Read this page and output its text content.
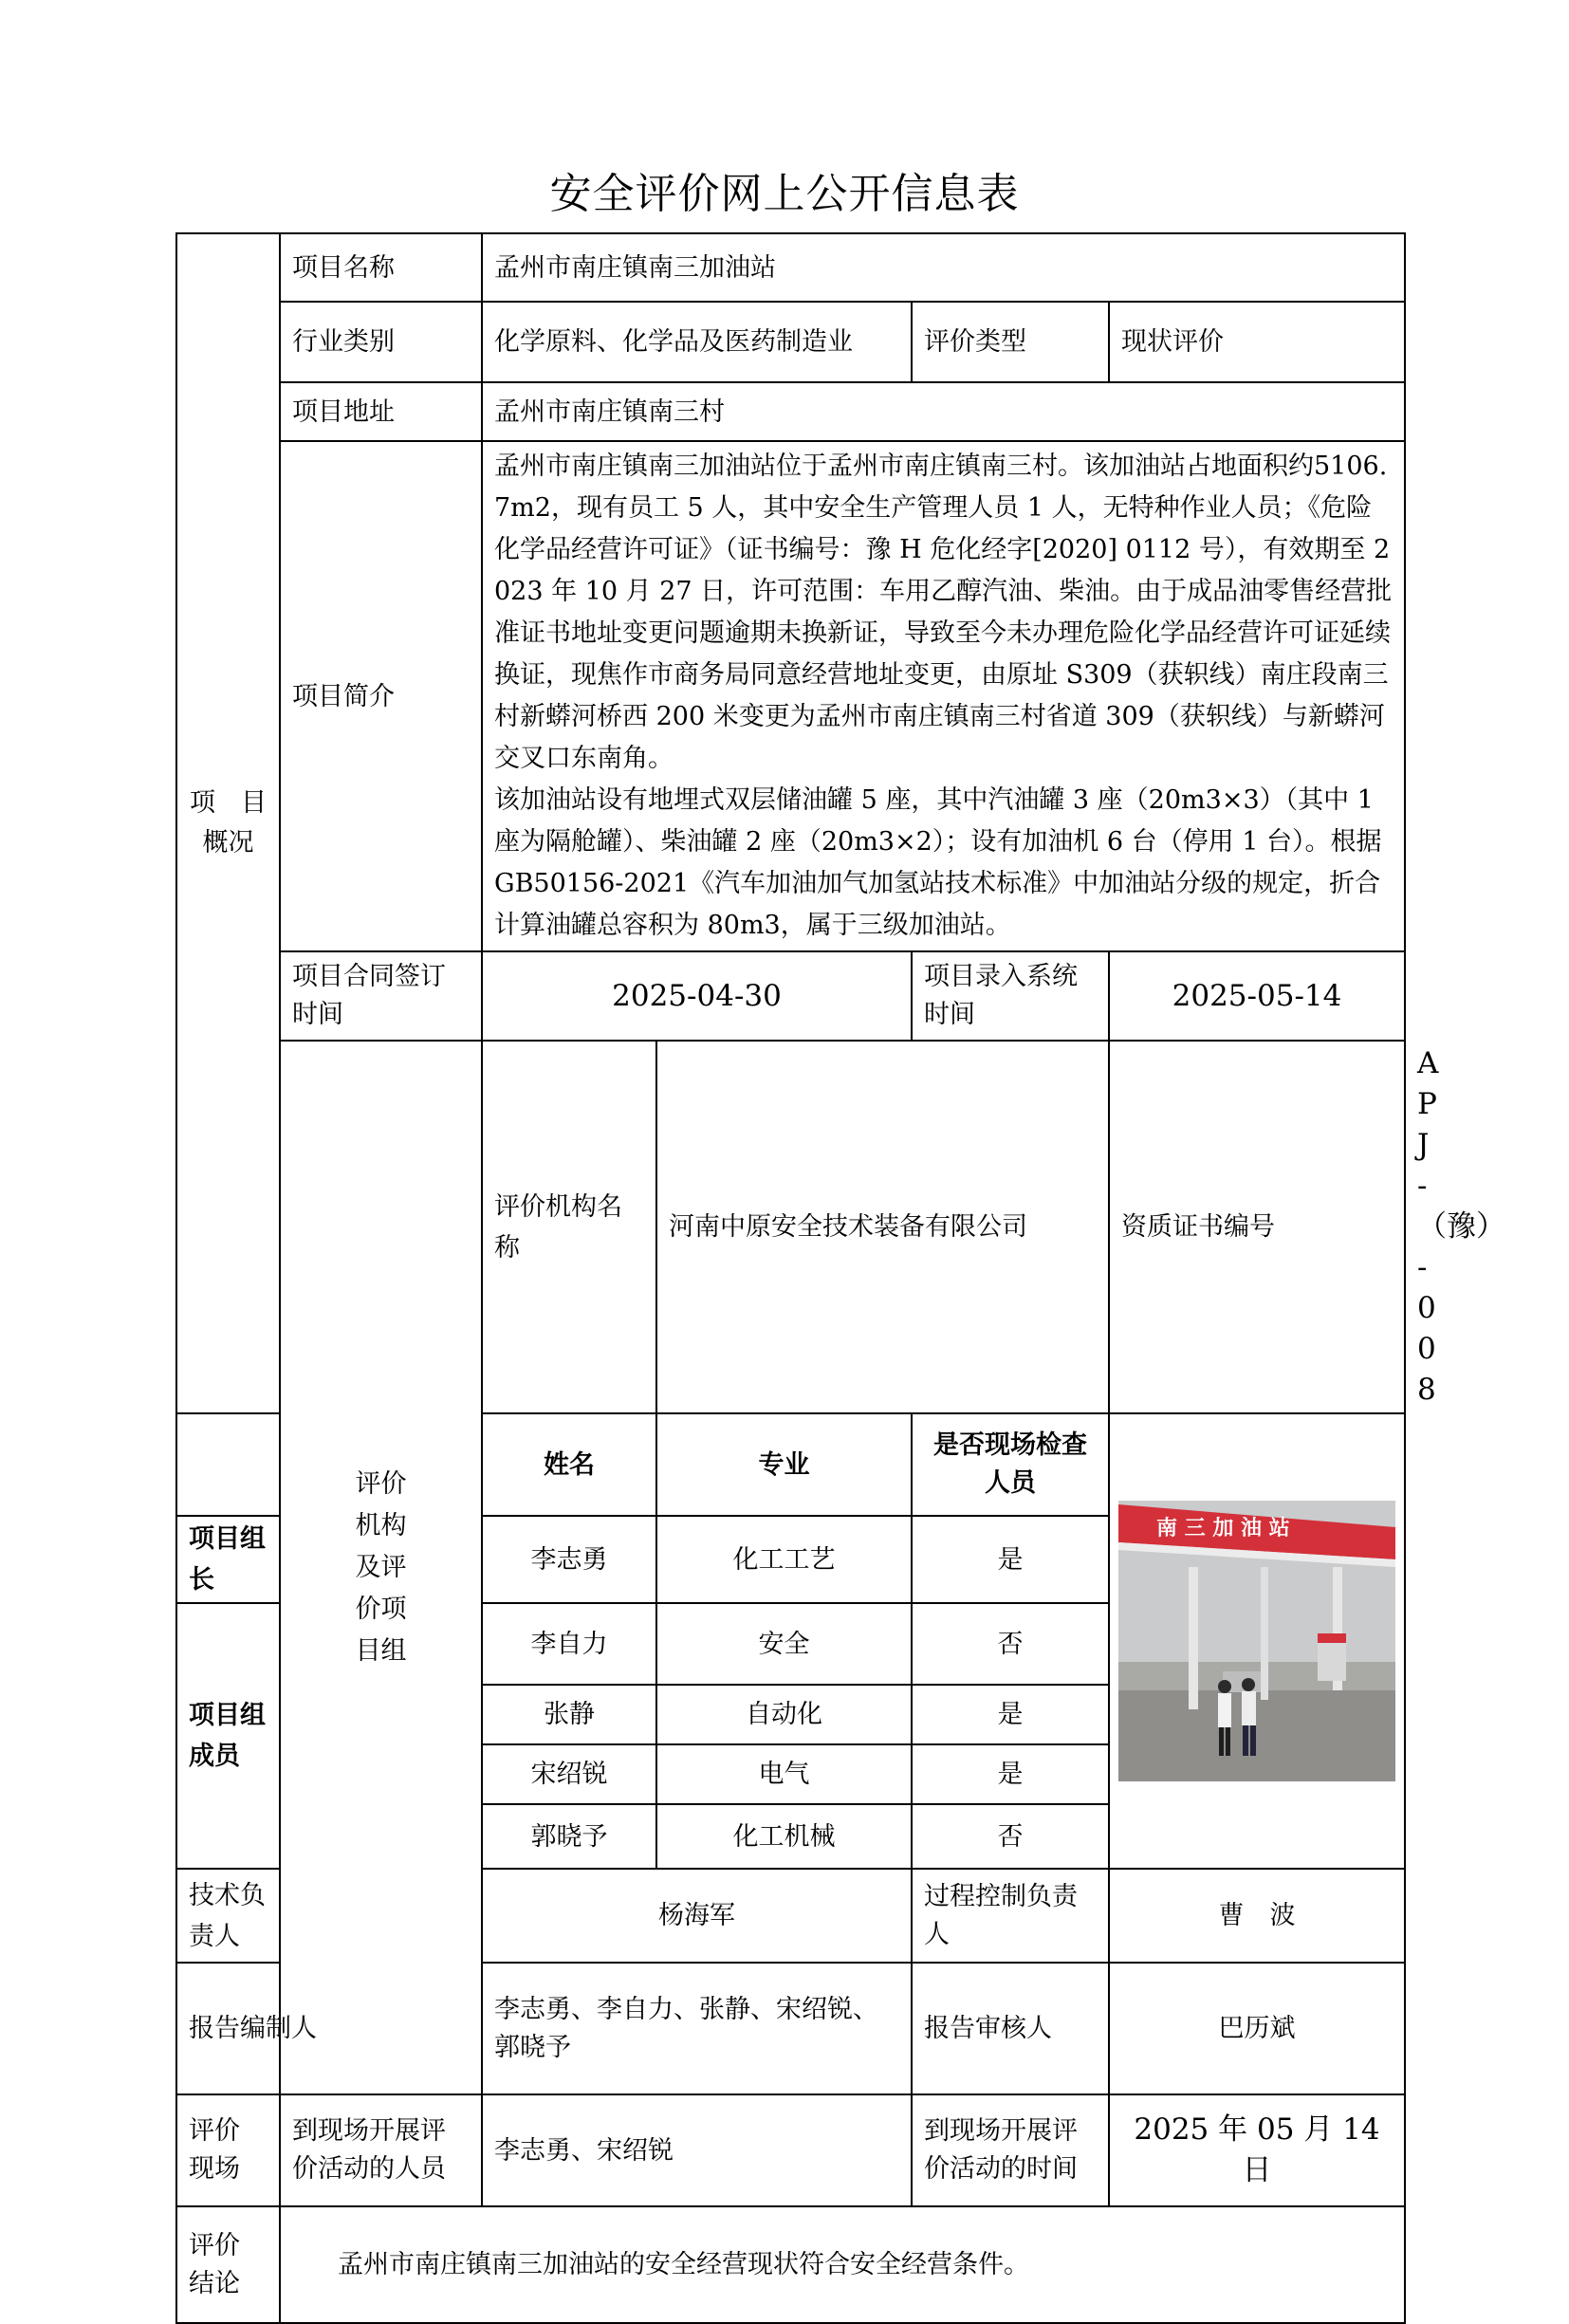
安全评价网上公开信息表
项　目
概况	项目名称	孟州市南庄镇南三加油站				
	行业类别	化学原料、化学品及医药制造业		评价类型	现状评价	
	项目地址	孟州市南庄镇南三村				
	项目简介	孟州市南庄镇南三加油站位于孟州市南庄镇南三村。该加油站占地面积约5106.7m2，现有员工 5 人，其中安全生产管理人员 1 人，无特种作业人员；《危险化学品经营许可证》（证书编号：豫 H 危化经字[2020] 0112 号），有效期至 2023 年 10 月 27 日，许可范围：车用乙醇汽油、柴油。由于成品油零售经营批准证书地址变更问题逾期未换新证，导致至今未办理危险化学品经营许可证延续换证，现焦作市商务局同意经营地址变更，由原址 S309（获轵线）南庄段南三村新蟒河桥西 200 米变更为孟州市南庄镇南三村省道 309（获轵线）与新蟒河交叉口东南角。

该加油站设有地埋式双层储油罐 5 座，其中汽油罐 3 座（20m3×3）（其中 1 座为隔舱罐）、柴油罐 2 座（20m3×2）；设有加油机 6 台（停用 1 台）。根据 GB50156-2021《汽车加油加气加氢站技术标准》中加油站分级的规定，折合计算油罐总容积为 80m3，属于三级加油站。				

	项目合同签订时间	2025-04-30		项目录入系统时间	2025-05-14	
	评价
机构
及评
价项
目组	评价机构名称	河南中原安全技术装备有限公司		资质证书编号	APJ-（豫）-008
		姓名	专业	是否现场检查人员	南 三 加 油 站	

项目组长		李志勇	化工工艺	是		
项目组成员		李自力	安全	否		
		张静	自动化	是		
		宋绍锐	电气	是		
		郭晓予	化工机械	否		
技术负责人		杨海军		过程控制负责人	曹　波	
报告编制人		李志勇、李自力、张静、宋绍锐、郭晓予		报告审核人	巴历斌	
评价
现场	到现场开展评价活动的人员	李志勇、宋绍锐		到现场开展评价活动的时间	2025 年 05 月 14 日	
评价
结论	孟州市南庄镇南三加油站的安全经营现状符合安全经营条件。					
